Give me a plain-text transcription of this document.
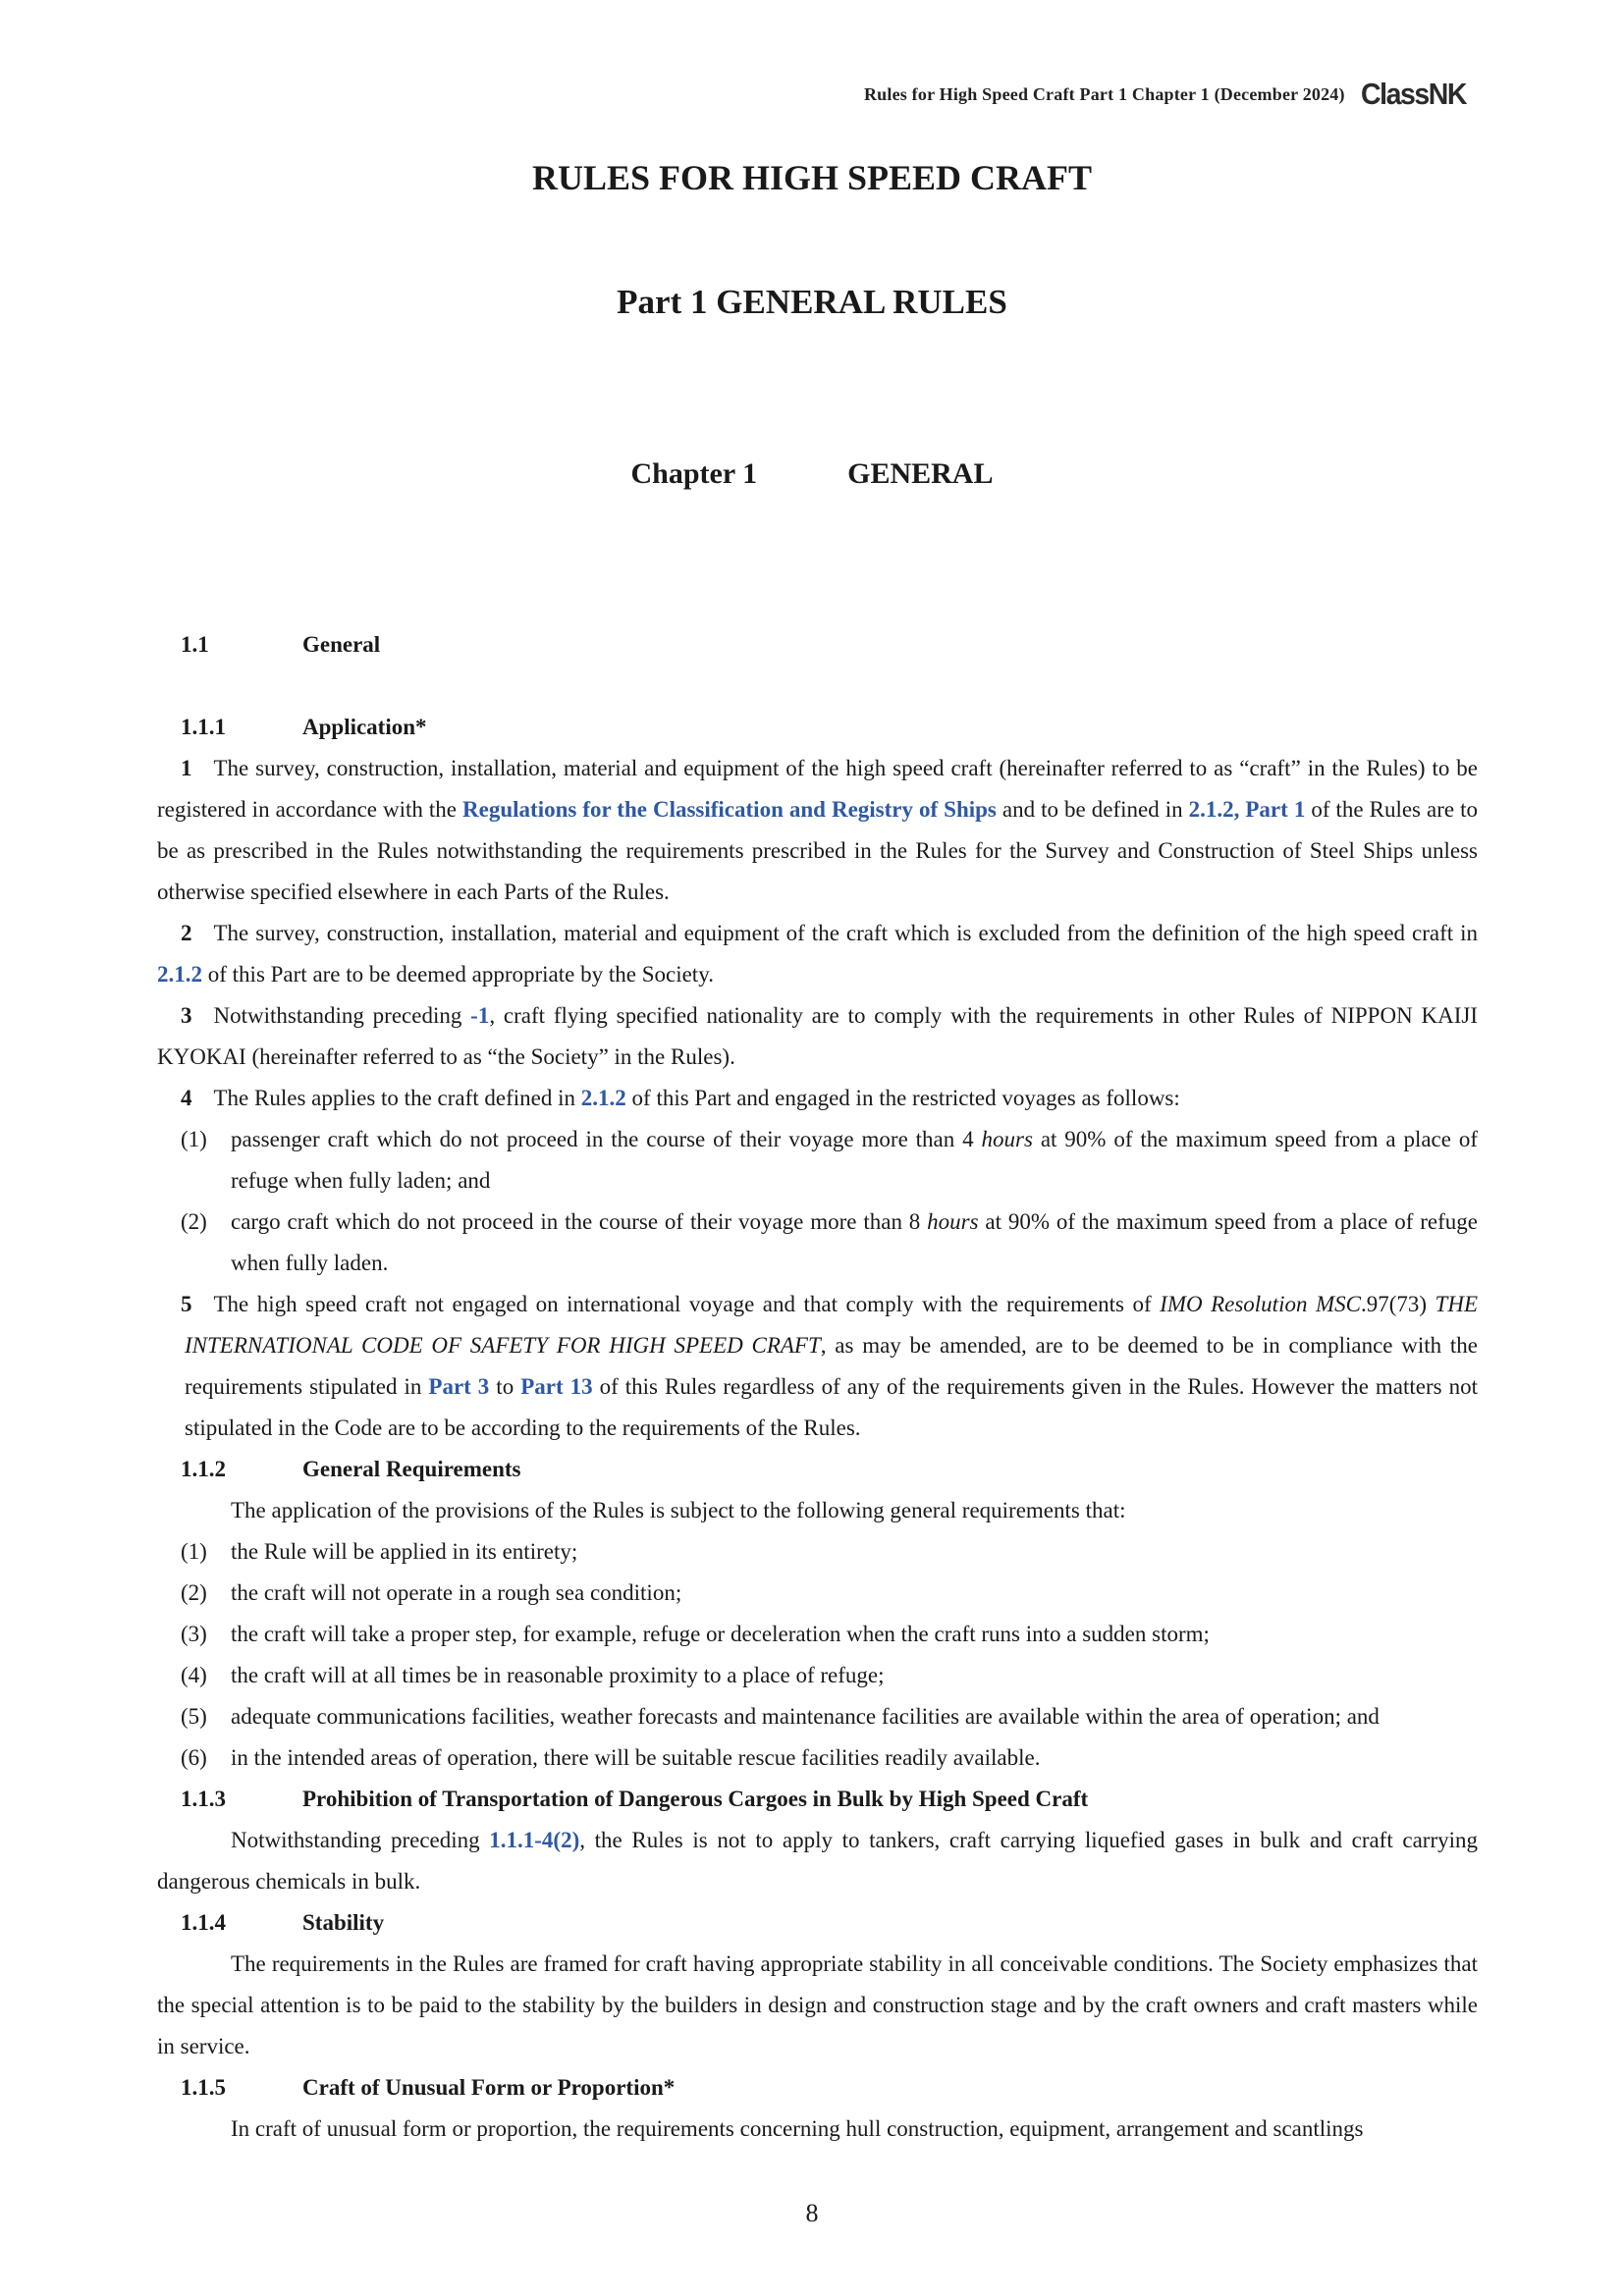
Rules for High Speed Craft Part 1 Chapter 1 (December 2024) ClassNK
RULES FOR HIGH SPEED CRAFT
Part 1 GENERAL RULES
Chapter 1	GENERAL
1.1	General
1.1.1	Application*
1 The survey, construction, installation, material and equipment of the high speed craft (hereinafter referred to as “craft” in the Rules) to be registered in accordance with the Regulations for the Classification and Registry of Ships and to be defined in 2.1.2, Part 1 of the Rules are to be as prescribed in the Rules notwithstanding the requirements prescribed in the Rules for the Survey and Construction of Steel Ships unless otherwise specified elsewhere in each Parts of the Rules.
2 The survey, construction, installation, material and equipment of the craft which is excluded from the definition of the high speed craft in 2.1.2 of this Part are to be deemed appropriate by the Society.
3 Notwithstanding preceding -1, craft flying specified nationality are to comply with the requirements in other Rules of NIPPON KAIJI KYOKAI (hereinafter referred to as “the Society” in the Rules).
4 The Rules applies to the craft defined in 2.1.2 of this Part and engaged in the restricted voyages as follows:
(1)	passenger craft which do not proceed in the course of their voyage more than 4 hours at 90% of the maximum speed from a place of refuge when fully laden; and
(2)	cargo craft which do not proceed in the course of their voyage more than 8 hours at 90% of the maximum speed from a place of refuge when fully laden.
5 The high speed craft not engaged on international voyage and that comply with the requirements of IMO Resolution MSC.97(73) THE INTERNATIONAL CODE OF SAFETY FOR HIGH SPEED CRAFT, as may be amended, are to be deemed to be in compliance with the requirements stipulated in Part 3 to Part 13 of this Rules regardless of any of the requirements given in the Rules. However the matters not stipulated in the Code are to be according to the requirements of the Rules.
1.1.2	General Requirements
The application of the provisions of the Rules is subject to the following general requirements that:
(1)	the Rule will be applied in its entirety;
(2)	the craft will not operate in a rough sea condition;
(3)	the craft will take a proper step, for example, refuge or deceleration when the craft runs into a sudden storm;
(4)	the craft will at all times be in reasonable proximity to a place of refuge;
(5)	adequate communications facilities, weather forecasts and maintenance facilities are available within the area of operation; and
(6)	in the intended areas of operation, there will be suitable rescue facilities readily available.
1.1.3	Prohibition of Transportation of Dangerous Cargoes in Bulk by High Speed Craft
Notwithstanding preceding 1.1.1-4(2), the Rules is not to apply to tankers, craft carrying liquefied gases in bulk and craft carrying dangerous chemicals in bulk.
1.1.4	Stability
The requirements in the Rules are framed for craft having appropriate stability in all conceivable conditions. The Society emphasizes that the special attention is to be paid to the stability by the builders in design and construction stage and by the craft owners and craft masters while in service.
1.1.5	Craft of Unusual Form or Proportion*
In craft of unusual form or proportion, the requirements concerning hull construction, equipment, arrangement and scantlings
8
